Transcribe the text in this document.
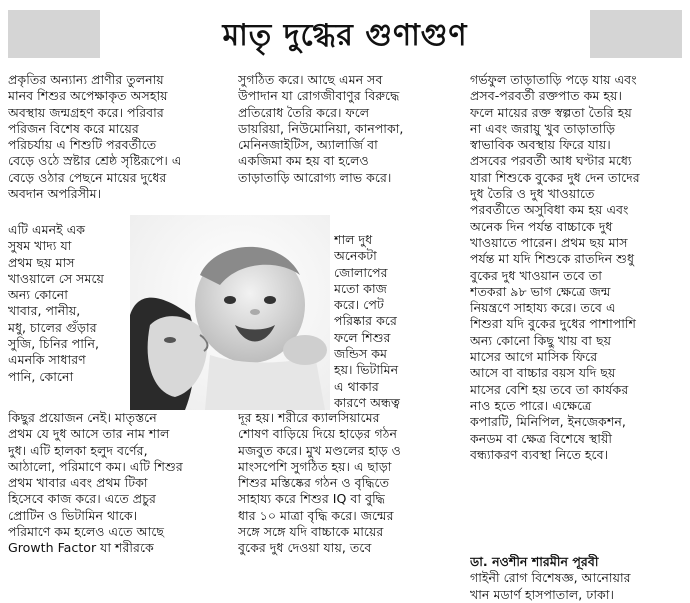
মাতৃ দুগ্ধের গুণাগুণ
প্রকৃতির অন্যান্য প্রাণীর তুলনায়
মানব শিশুর অপেক্ষাকৃত অসহায়
অবস্থায় জন্মগ্রহণ করে। পরিবার
পরিজন বিশেষ করে মায়ের
পরিচর্যায় এ শিশুটি পরবর্তীতে
বেড়ে ওঠে স্রষ্টার শ্রেষ্ঠ সৃষ্টিরূপে। এ
বেড়ে ওঠার পেছনে মায়ের দুধের
অবদান অপরিসীম।
এটি এমনই এক
সুষম খাদ্য যা
প্রথম ছয় মাস
খাওয়ালে সে সময়ে
অন্য কোনো
খাবার, পানীয়,
মধু, চালের গুঁড়ার
সুজি, চিনির পানি,
এমনকি সাধারণ
পানি, কোনো
কিছুর প্রয়োজন নেই। মাতৃস্তনে
প্রথম যে দুধ আসে তার নাম শাল
দুধ। এটি হালকা হলুদ বর্ণের,
আঠালো, পরিমাণে কম। এটি শিশুর
প্রথম খাবার এবং প্রথম টিকা
হিসেবে কাজ করে। এতে প্রচুর
প্রোটিন ও ভিটামিন থাকে।
পরিমাণে কম হলেও এতে আছে
Growth Factor যা শরীরকে
সুগঠিত করে। আছে এমন সব
উপাদান যা রোগজীবাণুর বিরুদ্ধে
প্রতিরোধ তৈরি করে। ফলে
ডায়রিয়া, নিউমোনিয়া, কানপাকা,
মেনিনজাইটিস, অ্যালার্জি বা
একজিমা কম হয় বা হলেও
তাড়াতাড়ি আরোগ্য লাভ করে।
শাল দুধ
অনেকটা
জোলাপের
মতো কাজ
করে। পেট
পরিষ্কার করে
ফলে শিশুর
জন্ডিস কম
হয়। ভিটামিন
এ থাকার
কারণে অন্ধত্ব
দূর হয়। শরীরে ক্যালসিয়ামের
শোষণ বাড়িয়ে দিয়ে হাড়ের গঠন
মজবুত করে। মুখ মণ্ডলের হাড় ও
মাংসপেশি সুগঠিত হয়। এ ছাড়া
শিশুর মস্তিষ্কের গঠন ও বৃদ্ধিতে
সাহায্য করে শিশুর IQ বা বুদ্ধি
ধার ১০ মাত্রা বৃদ্ধি করে। জন্মের
সঙ্গে সঙ্গে যদি বাচ্চাকে মায়ের
বুকের দুধ দেওয়া যায়, তবে
গর্ভফুল তাড়াতাড়ি পড়ে যায় এবং
প্রসব-পরবর্তী রক্তপাত কম হয়।
ফলে মায়ের রক্ত স্বল্পতা তৈরি হয়
না এবং জরায়ু খুব তাড়াতাড়ি
স্বাভাবিক অবস্থায় ফিরে যায়।
প্রসবের পরবর্তী আধ ঘণ্টার মধ্যে
যারা শিশুকে বুকের দুধ দেন তাদের
দুধ তৈরি ও দুধ খাওয়াতে
পরবর্তীতে অসুবিধা কম হয় এবং
অনেক দিন পর্যন্ত বাচ্চাকে দুধ
খাওয়াতে পারেন। প্রথম ছয় মাস
পর্যন্ত মা যদি শিশুকে রাতদিন শুধু
বুকের দুধ খাওয়ান তবে তা
শতকরা ৯৮ ভাগ ক্ষেত্রে জন্ম
নিয়ন্ত্রণে সাহায্য করে। তবে এ
শিশুরা যদি বুকের দুধের পাশাপাশি
অন্য কোনো কিছু খায় বা ছয়
মাসের আগে মাসিক ফিরে
আসে বা বাচ্চার বয়স যদি ছয়
মাসের বেশি হয় তবে তা কার্যকর
নাও হতে পারে। এক্ষেত্রে
কপারটি, মিনিপিল, ইনজেকশন,
কনডম বা ক্ষেত্র বিশেষে স্থায়ী
বন্ধ্যাকরণ ব্যবস্থা নিতে হবে।
ডা. নওশীন শারমীন পূরবী
গাইনী রোগ বিশেষজ্ঞ, আনোয়ার
খান মডার্ণ হাসপাতাল, ঢাকা।
